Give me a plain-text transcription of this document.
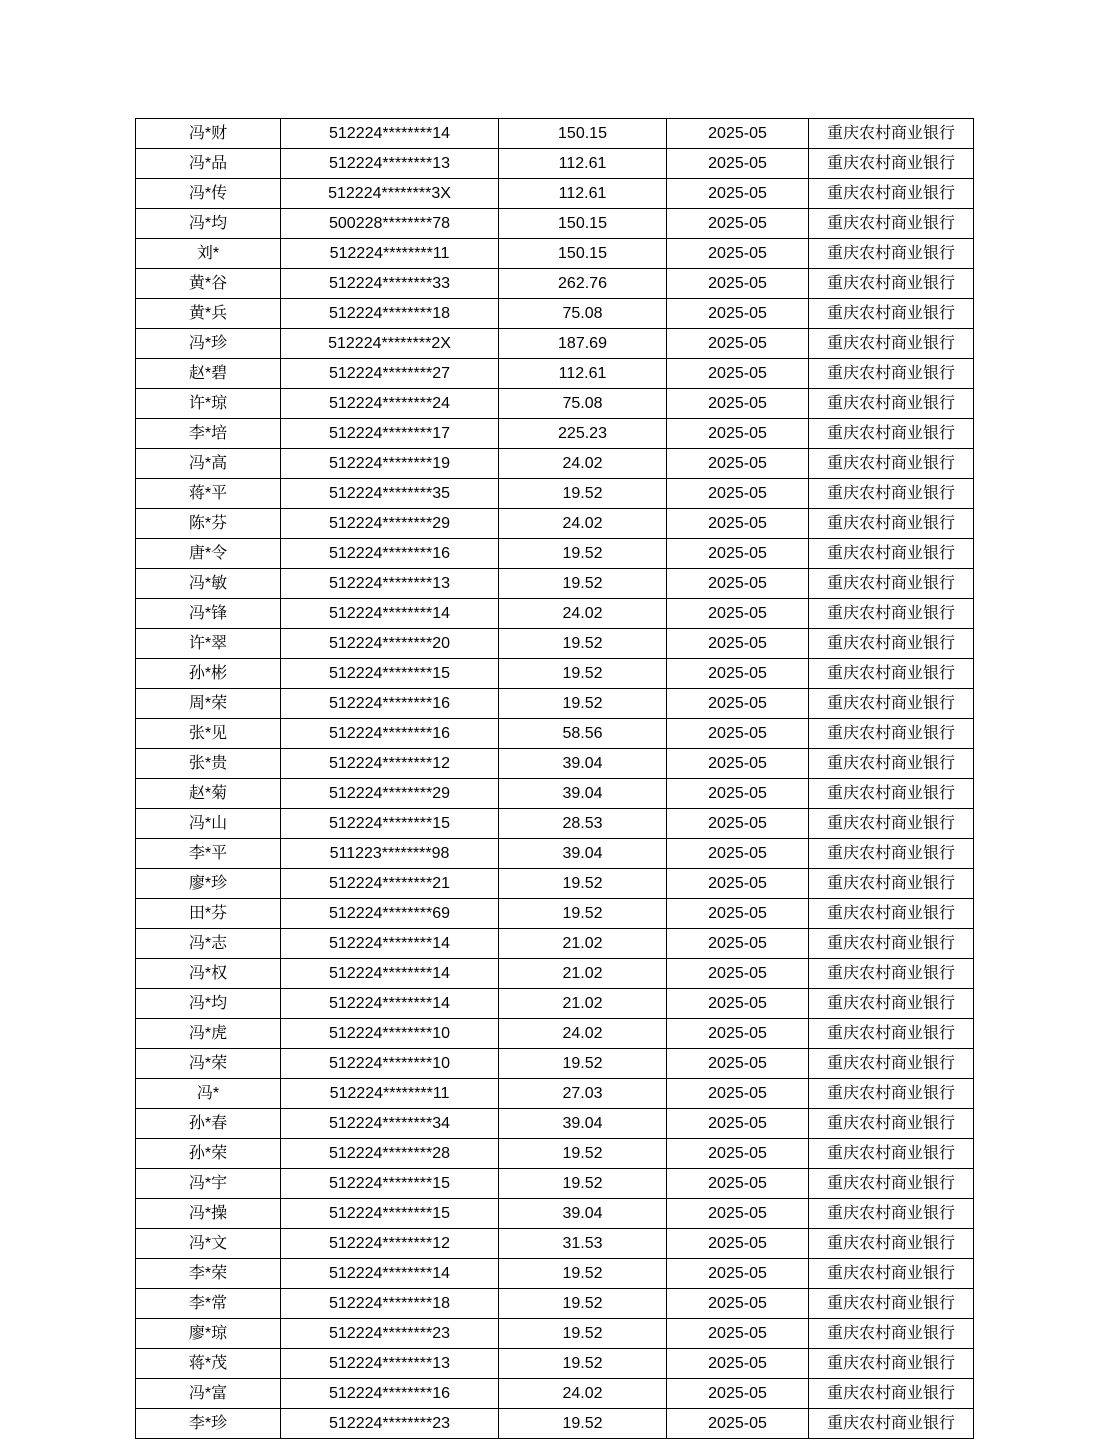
冯*财	512224********14	150.15	2025-05	重庆农村商业银行
冯*品	512224********13	112.61	2025-05	重庆农村商业银行
冯*传	512224********3X	112.61	2025-05	重庆农村商业银行
冯*均	500228********78	150.15	2025-05	重庆农村商业银行
刘*	512224********11	150.15	2025-05	重庆农村商业银行
黄*谷	512224********33	262.76	2025-05	重庆农村商业银行
黄*兵	512224********18	75.08	2025-05	重庆农村商业银行
冯*珍	512224********2X	187.69	2025-05	重庆农村商业银行
赵*碧	512224********27	112.61	2025-05	重庆农村商业银行
许*琼	512224********24	75.08	2025-05	重庆农村商业银行
李*培	512224********17	225.23	2025-05	重庆农村商业银行
冯*高	512224********19	24.02	2025-05	重庆农村商业银行
蒋*平	512224********35	19.52	2025-05	重庆农村商业银行
陈*芬	512224********29	24.02	2025-05	重庆农村商业银行
唐*令	512224********16	19.52	2025-05	重庆农村商业银行
冯*敏	512224********13	19.52	2025-05	重庆农村商业银行
冯*锋	512224********14	24.02	2025-05	重庆农村商业银行
许*翠	512224********20	19.52	2025-05	重庆农村商业银行
孙*彬	512224********15	19.52	2025-05	重庆农村商业银行
周*荣	512224********16	19.52	2025-05	重庆农村商业银行
张*见	512224********16	58.56	2025-05	重庆农村商业银行
张*贵	512224********12	39.04	2025-05	重庆农村商业银行
赵*菊	512224********29	39.04	2025-05	重庆农村商业银行
冯*山	512224********15	28.53	2025-05	重庆农村商业银行
李*平	511223********98	39.04	2025-05	重庆农村商业银行
廖*珍	512224********21	19.52	2025-05	重庆农村商业银行
田*芬	512224********69	19.52	2025-05	重庆农村商业银行
冯*志	512224********14	21.02	2025-05	重庆农村商业银行
冯*权	512224********14	21.02	2025-05	重庆农村商业银行
冯*均	512224********14	21.02	2025-05	重庆农村商业银行
冯*虎	512224********10	24.02	2025-05	重庆农村商业银行
冯*荣	512224********10	19.52	2025-05	重庆农村商业银行
冯*	512224********11	27.03	2025-05	重庆农村商业银行
孙*春	512224********34	39.04	2025-05	重庆农村商业银行
孙*荣	512224********28	19.52	2025-05	重庆农村商业银行
冯*宇	512224********15	19.52	2025-05	重庆农村商业银行
冯*操	512224********15	39.04	2025-05	重庆农村商业银行
冯*文	512224********12	31.53	2025-05	重庆农村商业银行
李*荣	512224********14	19.52	2025-05	重庆农村商业银行
李*常	512224********18	19.52	2025-05	重庆农村商业银行
廖*琼	512224********23	19.52	2025-05	重庆农村商业银行
蒋*茂	512224********13	19.52	2025-05	重庆农村商业银行
冯*富	512224********16	24.02	2025-05	重庆农村商业银行
李*珍	512224********23	19.52	2025-05	重庆农村商业银行
